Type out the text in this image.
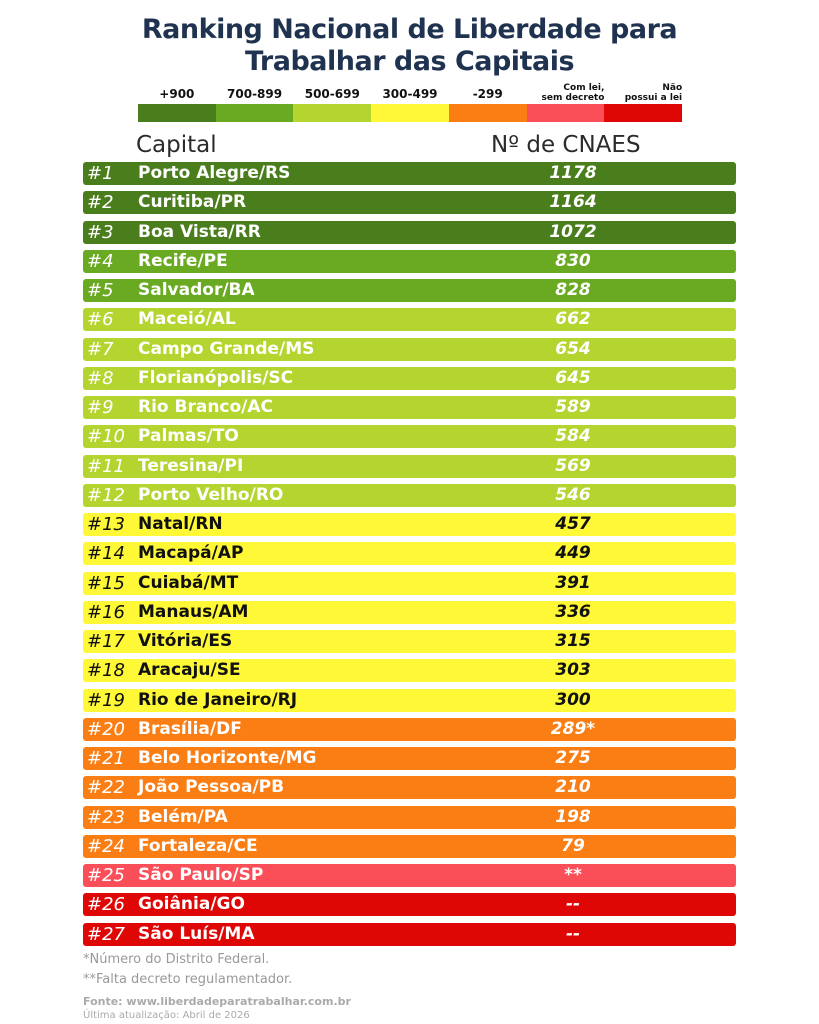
Ranking Nacional de Liberdade para
Trabalhar das Capitais
+900	700-899	500-699	300-499	-299	Com lei,
sem decreto
Não
possui a lei
Capital	Nº de CNAES
#1 Porto Alegre/RS	1178
#2 Curitiba/PR	1164
#3 Boa Vista/RR	1072
#4 Recife/PE	830
#5 Salvador/BA	828
#6 Maceió/AL	662
#7 Campo Grande/MS	654
#8 Florianópolis/SC	645
#9 Rio Branco/AC	589
#10 Palmas/TO	584
#11 Teresina/PI	569
#12 Porto Velho/RO	546
#13 Natal/RN	457
#14 Macapá/AP	449
#15 Cuiabá/MT	391
#16 Manaus/AM	336
#17 Vitória/ES	315
#18 Aracaju/SE	303
#19 Rio de Janeiro/RJ	300
#20 Brasília/DF	289*
#21 Belo Horizonte/MG	275
#22 João Pessoa/PB	210
#23 Belém/PA	198
#24 Fortaleza/CE	79
#25 São Paulo/SP	**
#26 Goiânia/GO	--
#27 São Luís/MA	--
*Número do Distrito Federal.
**Falta decreto regulamentador.
Fonte: www.liberdadeparatrabalhar.com.br
Última atualização: Abril de 2026
